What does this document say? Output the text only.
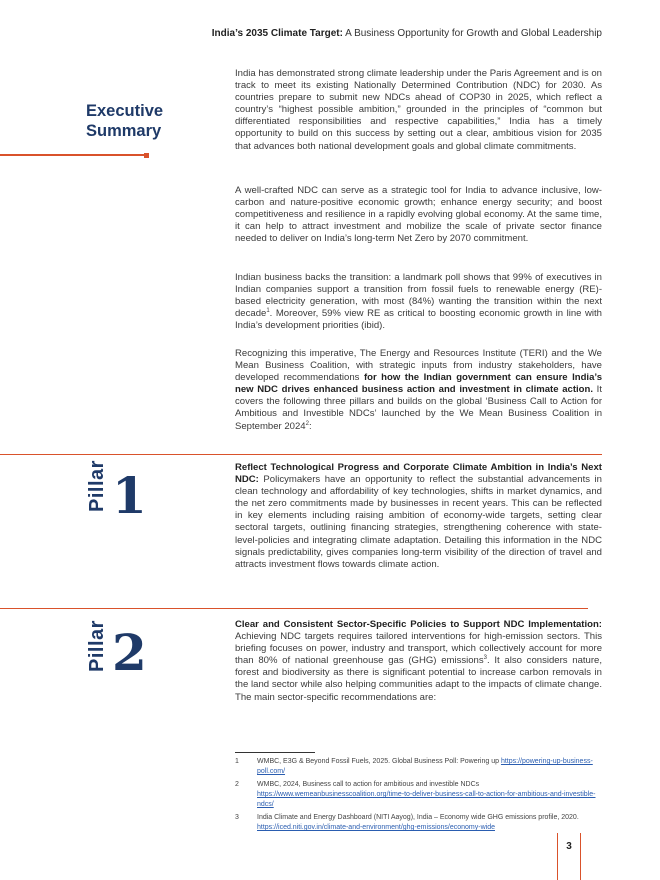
India’s 2035 Climate Target: A Business Opportunity for Growth and Global Leadership
Executive
Summary

India has demonstrated strong climate leadership under the Paris Agreement and is on track to meet its existing Nationally Determined Contribution (NDC) for 2030. As countries prepare to submit new NDCs ahead of COP30 in 2025, which reflect a country’s “highest possible ambition,” grounded in the principles of “common but differentiated responsibilities and respective capabilities,” India has a timely opportunity to build on this success by setting out a clear, ambitious vision for 2035 that advances both national development goals and global climate commitments.

A well-crafted NDC can serve as a strategic tool for India to advance inclusive, low-carbon and nature-positive economic growth; enhance energy security; and boost competitiveness and resilience in a rapidly evolving global economy. At the same time, it can help to attract investment and mobilize the scale of private sector finance needed to deliver on India’s long-term Net Zero by 2070 commitment.

Indian business backs the transition: a landmark poll shows that 99% of executives in Indian companies support a transition from fossil fuels to renewable energy (RE)-based electricity generation, with most (84%) wanting the transition within the next decade$^1$. Moreover, 59% view RE as critical to boosting economic growth in line with India’s development priorities (ibid).

Recognizing this imperative, The Energy and Resources Institute (TERI) and the We Mean Business Coalition, with strategic inputs from industry stakeholders, have developed recommendations for how the Indian government can ensure India’s new NDC drives enhanced business action and investment in climate action. It covers the following three pillars and builds on the global ‘Business Call to Action for Ambitious and Investible NDCs’ launched by the We Mean Business Coalition in September 2024$^2$:

Pillar 1	Reflect Technological Progress and Corporate Climate Ambition in India’s Next NDC: Policymakers have an opportunity to reflect the substantial advancements in clean technology and affordability of key technologies, shifts in market dynamics, and the net zero commitments made by businesses in recent years. This can be reflected in key elements including raising ambition of economy-wide targets, setting clear sectoral targets, outlining financing strategies, strengthening coherence with state-level-policies and integrating climate adaptation. Detailing this information in the NDC signals predictability, gives companies long-term visibility of the direction of travel and attracts investment flows towards climate action.

Pillar 2	Clear and Consistent Sector-Specific Policies to Support NDC Implementation: Achieving NDC targets requires tailored interventions for high-emission sectors. This briefing focuses on power, industry and transport, which collectively account for more than 80% of national greenhouse gas (GHG) emissions$^3$. It also considers nature, forest and biodiversity as there is significant potential to increase carbon removals in the land sector while also helping communities adapt to the impacts of climate change. The main sector-specific recommendations are:

1	WMBC, E3G & Beyond Fossil Fuels, 2025. Global Business Poll: Powering up https://powering-up-business-poll.com/
2	WMBC, 2024, Business call to action for ambitious and investible NDCs https://www.wemeanbusinesscoalition.org/time-to-deliver-business-call-to-action-for-ambitious-and-investible-ndcs/
3	India Climate and Energy Dashboard (NITI Aayog), India – Economy wide GHG emissions profile, 2020. https://iced.niti.gov.in/climate-and-environment/ghg-emissions/economy-wide
3
